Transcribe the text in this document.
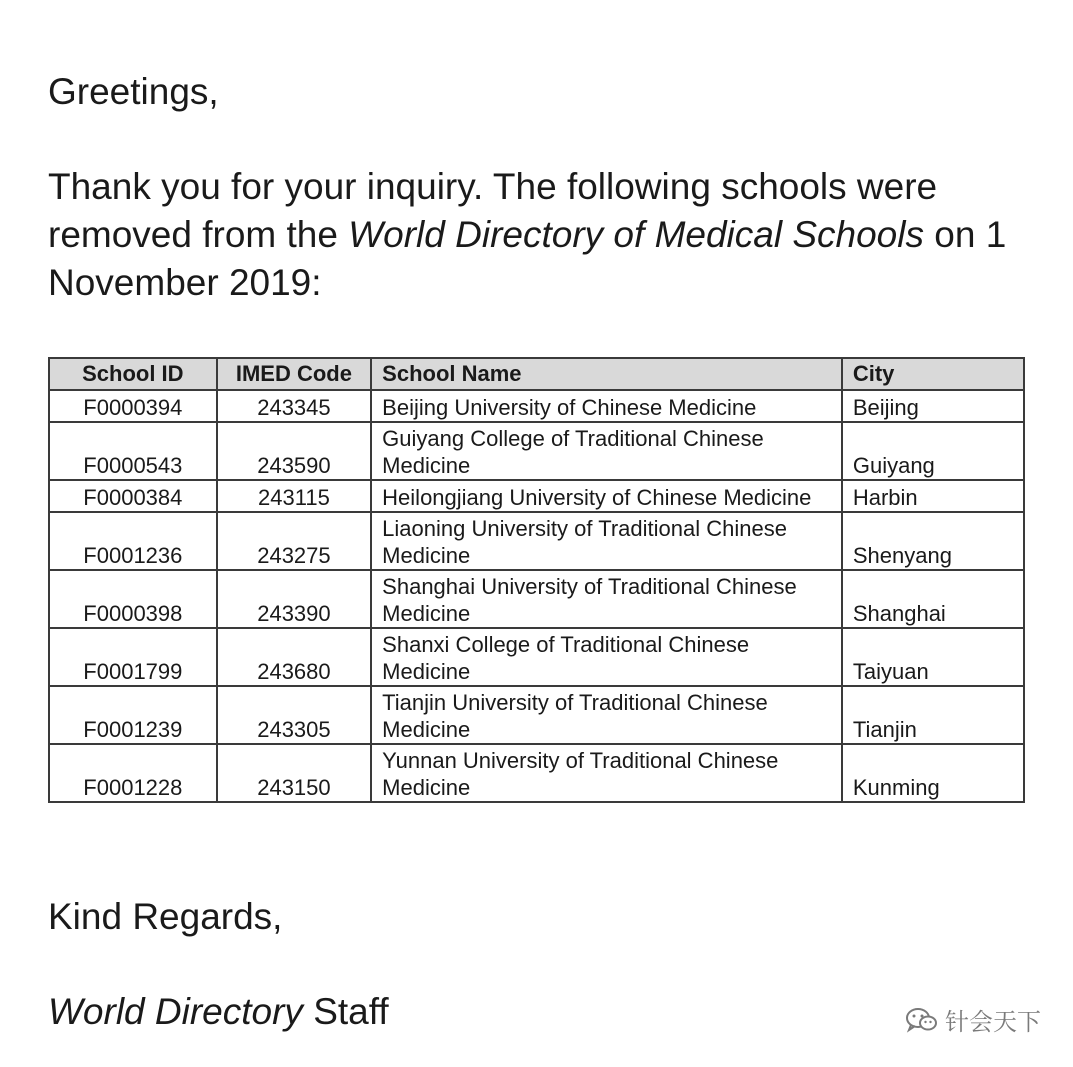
Greetings,

Thank you for your inquiry. The following schools were removed from the World Directory of Medical Schools on 1 November 2019:

School ID	IMED Code	School Name	City
F0000394	243345	Beijing University of Chinese Medicine	Beijing
F0000543	243590	Guiyang College of Traditional Chinese Medicine	Guiyang
F0000384	243115	Heilongjiang University of Chinese Medicine	Harbin
F0001236	243275	Liaoning University of Traditional Chinese Medicine	Shenyang
F0000398	243390	Shanghai University of Traditional Chinese Medicine	Shanghai
F0001799	243680	Shanxi College of Traditional Chinese Medicine	Taiyuan
F0001239	243305	Tianjin University of Traditional Chinese Medicine	Tianjin
F0001228	243150	Yunnan University of Traditional Chinese Medicine	Kunming

Kind Regards,

World Directory Staff	针会天下
